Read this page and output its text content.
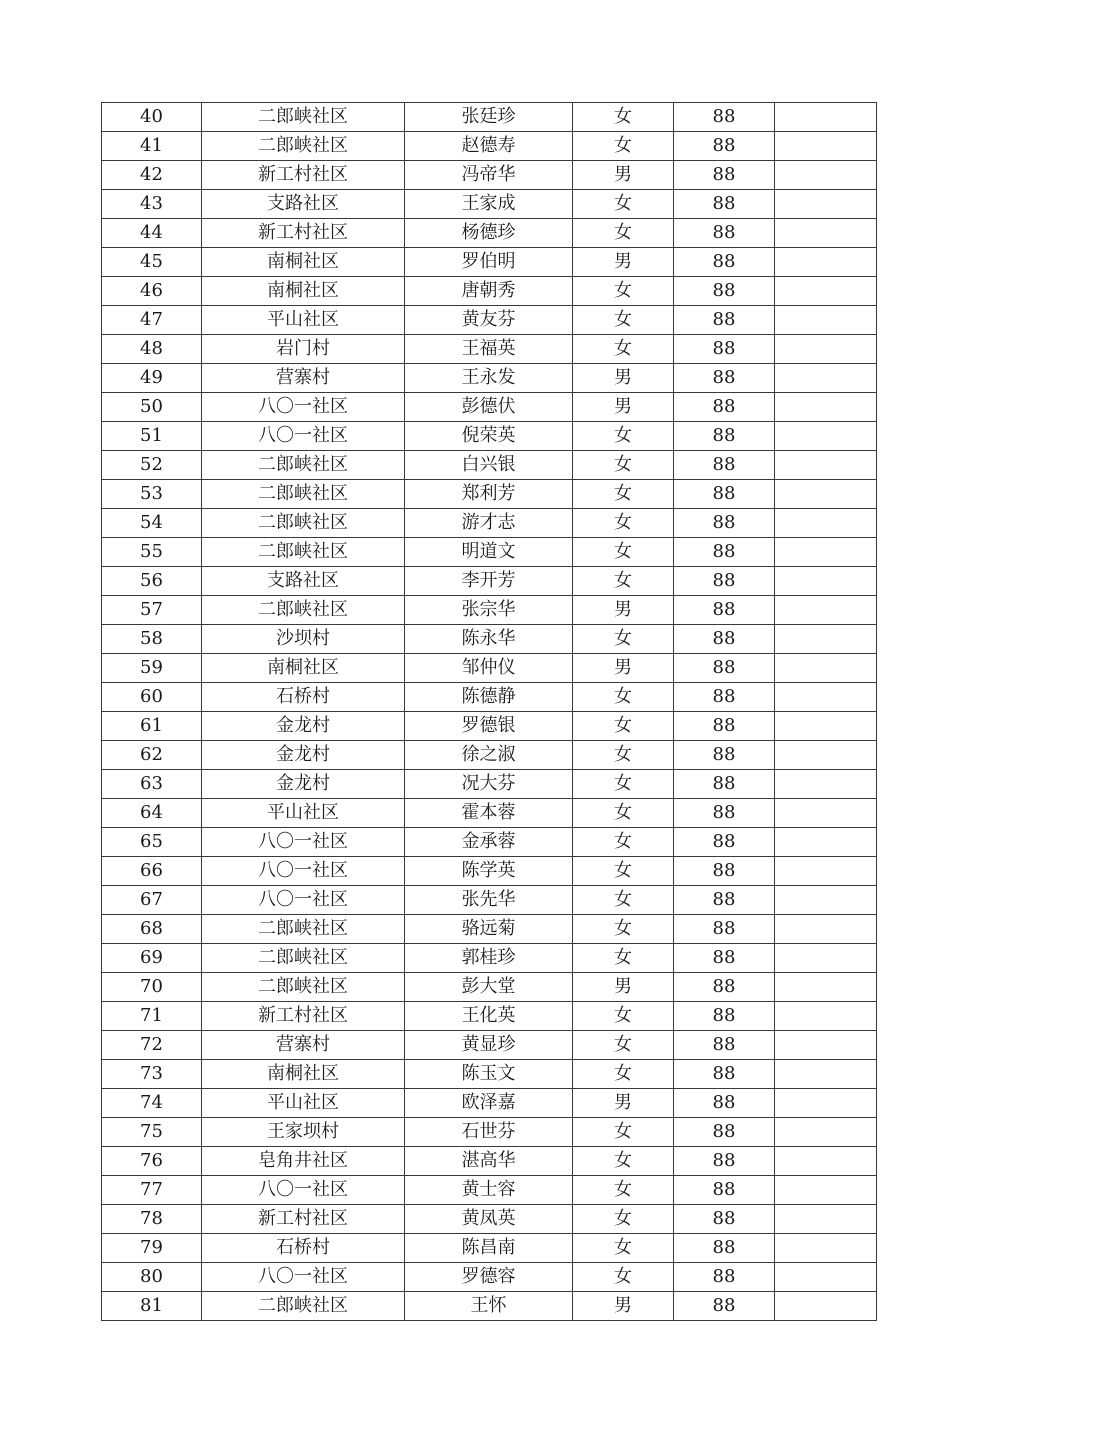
40	二郎峡社区	张廷珍	女	88	
41	二郎峡社区	赵德寿	女	88	
42	新工村社区	冯帝华	男	88	
43	支路社区	王家成	女	88	
44	新工村社区	杨德珍	女	88	
45	南桐社区	罗伯明	男	88	
46	南桐社区	唐朝秀	女	88	
47	平山社区	黄友芬	女	88	
48	岩门村	王福英	女	88	
49	营寨村	王永发	男	88	
50	八〇一社区	彭德伏	男	88	
51	八〇一社区	倪荣英	女	88	
52	二郎峡社区	白兴银	女	88	
53	二郎峡社区	郑利芳	女	88	
54	二郎峡社区	游才志	女	88	
55	二郎峡社区	明道文	女	88	
56	支路社区	李开芳	女	88	
57	二郎峡社区	张宗华	男	88	
58	沙坝村	陈永华	女	88	
59	南桐社区	邹仲仪	男	88	
60	石桥村	陈德静	女	88	
61	金龙村	罗德银	女	88	
62	金龙村	徐之淑	女	88	
63	金龙村	况大芬	女	88	
64	平山社区	霍本蓉	女	88	
65	八〇一社区	金承蓉	女	88	
66	八〇一社区	陈学英	女	88	
67	八〇一社区	张先华	女	88	
68	二郎峡社区	骆远菊	女	88	
69	二郎峡社区	郭桂珍	女	88	
70	二郎峡社区	彭大堂	男	88	
71	新工村社区	王化英	女	88	
72	营寨村	黄显珍	女	88	
73	南桐社区	陈玉文	女	88	
74	平山社区	欧泽嘉	男	88	
75	王家坝村	石世芬	女	88	
76	皂角井社区	湛高华	女	88	
77	八〇一社区	黄士容	女	88	
78	新工村社区	黄凤英	女	88	
79	石桥村	陈昌南	女	88	
80	八〇一社区	罗德容	女	88	
81	二郎峡社区	王怀	男	88	
